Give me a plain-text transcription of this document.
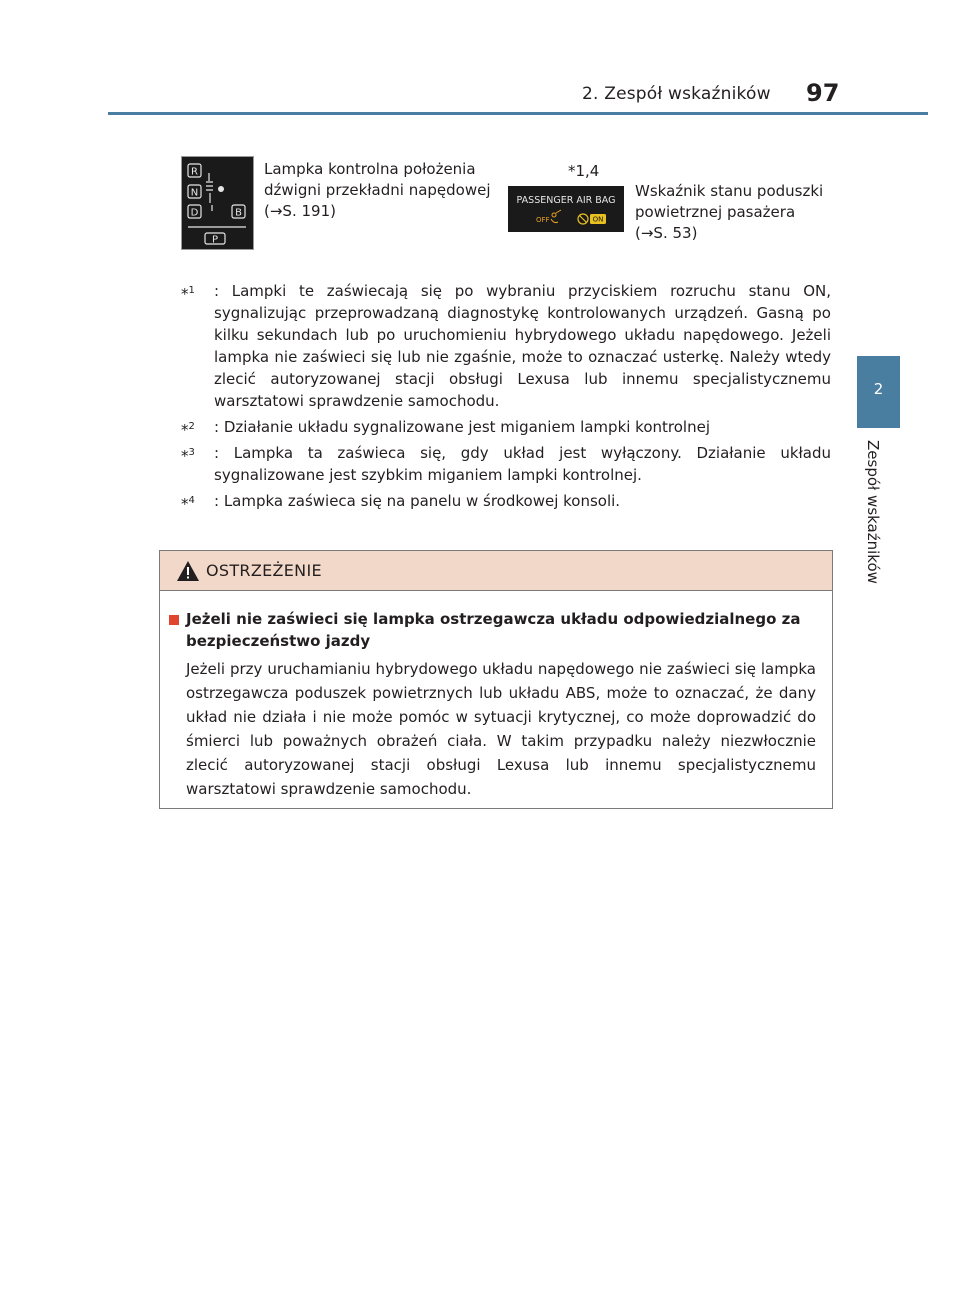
2. Zespół wskaźników 97
2
Zespół wskaźników
R
N
D	B
P
Lampka kontrolna położenia dźwigni przekładni napędowej
(→S. 191)
*1,4
PASSENGER AIR BAG
OFF	ON
Wskaźnik stanu poduszki powietrznej pasażera
(→S. 53)
*$^1$ : Lampki te zaświecają się po wybraniu przyciskiem rozruchu stanu ON, sygnalizując przeprowadzaną diagnostykę kontrolowanych urządzeń. Gasną po kilku sekundach lub po uruchomieniu hybrydowego układu napędowego. Jeżeli lampka nie zaświeci się lub nie zgaśnie, może to oznaczać usterkę. Należy wtedy zlecić autoryzowanej stacji obsługi Lexusa lub innemu specjalistycznemu warsztatowi sprawdzenie samochodu.
*$^2$ : Działanie układu sygnalizowane jest miganiem lampki kontrolnej
*$^3$ : Lampka ta zaświeca się, gdy układ jest wyłączony. Działanie układu sygnalizowane jest szybkim miganiem lampki kontrolnej.
*$^4$ : Lampka zaświeca się na panelu w środkowej konsoli.
OSTRZEŻENIE
Jeżeli nie zaświeci się lampka ostrzegawcza układu odpowiedzialnego za bezpieczeństwo jazdy
Jeżeli przy uruchamianiu hybrydowego układu napędowego nie zaświeci się lampka ostrzegawcza poduszek powietrznych lub układu ABS, może to oznaczać, że dany układ nie działa i nie może pomóc w sytuacji krytycznej, co może doprowadzić do śmierci lub poważnych obrażeń ciała. W takim przypadku należy niezwłocznie zlecić autoryzowanej stacji obsługi Lexusa lub innemu specjalistycznemu warsztatowi sprawdzenie samochodu.
